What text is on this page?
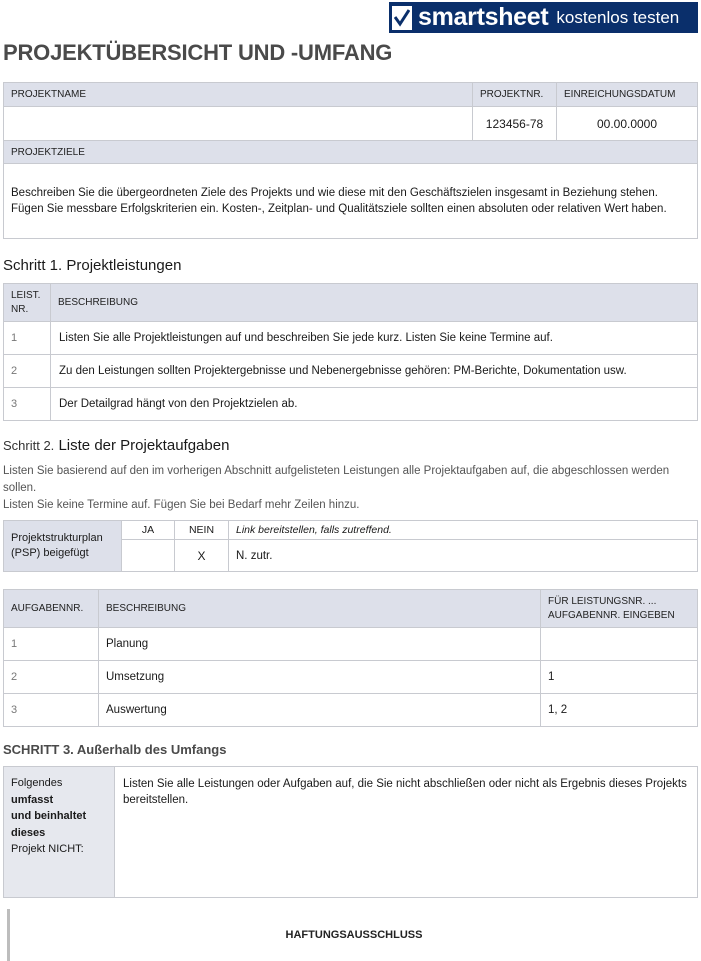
smartsheet kostenlos testen
PROJEKTÜBERSICHT UND -UMFANG
PROJEKTNAME	PROJEKTNR.	EINREICHUNGSDATUM
	123456-78	00.00.0000
PROJEKTZIELE		
Beschreiben Sie die übergeordneten Ziele des Projekts und wie diese mit den Geschäftszielen insgesamt in Beziehung stehen. Fügen Sie messbare Erfolgskriterien ein. Kosten-, Zeitplan- und Qualitätsziele sollten einen absoluten oder relativen Wert haben.		
Schritt 1. Projektleistungen
LEIST. NR.	BESCHREIBUNG
1	Listen Sie alle Projektleistungen auf und beschreiben Sie jede kurz. Listen Sie keine Termine auf.
2	Zu den Leistungen sollten Projektergebnisse und Nebenergebnisse gehören: PM-Berichte, Dokumentation usw.
3	Der Detailgrad hängt von den Projektzielen ab.
Schritt 2. Liste der Projektaufgaben
Listen Sie basierend auf den im vorherigen Abschnitt aufgelisteten Leistungen alle Projektaufgaben auf, die abgeschlossen werden sollen.
Listen Sie keine Termine auf. Fügen Sie bei Bedarf mehr Zeilen hinzu.
Projektstrukturplan (PSP) beigefügt	JA	NEIN	Link bereitstellen, falls zutreffend.
		X	N. zutr.
AUFGABENNR.	BESCHREIBUNG	FÜR LEISTUNGSNR. ... AUFGABENNR. EINGEBEN
1	Planung	
2	Umsetzung	1
3	Auswertung	1, 2
SCHRITT 3. Außerhalb des Umfangs
Folgendes
umfasst
und beinhaltet
dieses
Projekt NICHT:
	Listen Sie alle Leistungen oder Aufgaben auf, die Sie nicht abschließen oder nicht als Ergebnis dieses Projekts bereitstellen.
HAFTUNGSAUSSCHLUSS
